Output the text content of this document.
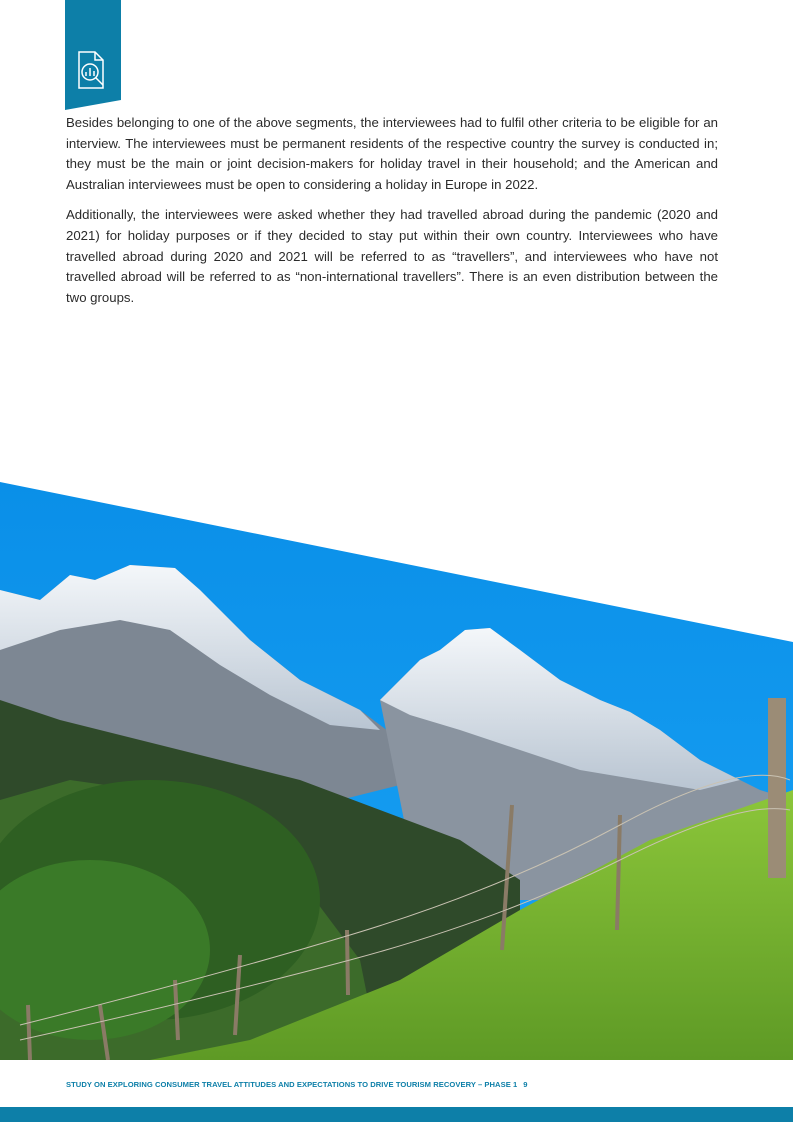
Besides belonging to one of the above segments, the interviewees had to fulfil other criteria to be eligible for an interview. The interviewees must be permanent residents of the respective country the survey is conducted in; they must be the main or joint decision-makers for holiday travel in their household; and the American and Australian interviewees must be open to considering a holiday in Europe in 2022.

Additionally, the interviewees were asked whether they had travelled abroad during the pandemic (2020 and 2021) for holiday purposes or if they decided to stay put within their own country. Interviewees who have travelled abroad during 2020 and 2021 will be referred to as “travellers”, and interviewees who have not travelled abroad will be referred to as “non-international travellers”. There is an even distribution between the two groups.

STUDY ON EXPLORING CONSUMER TRAVEL ATTITUDES AND EXPECTATIONS TO DRIVE TOURISM RECOVERY – PHASE 1 9
